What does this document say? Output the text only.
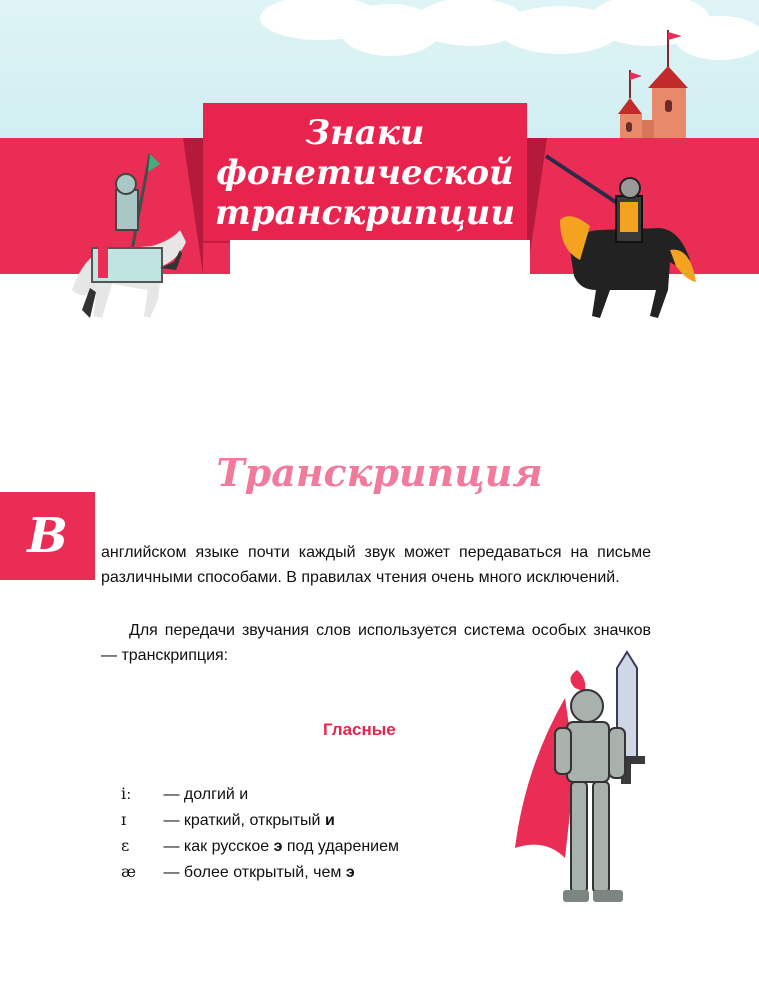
Знаки
фонетической
транскрипции
Транскрипция
В	английском языке почти каждый звук может передаваться на письме различными способами. В правилах чтения очень много исключений.
Для передачи звучания слов используется система особых значков — транскрипция:
Гласные
iː — долгий и
ɪ — краткий, открытый и
ɛ — как русское э под ударением
æ — более открытый, чем э
